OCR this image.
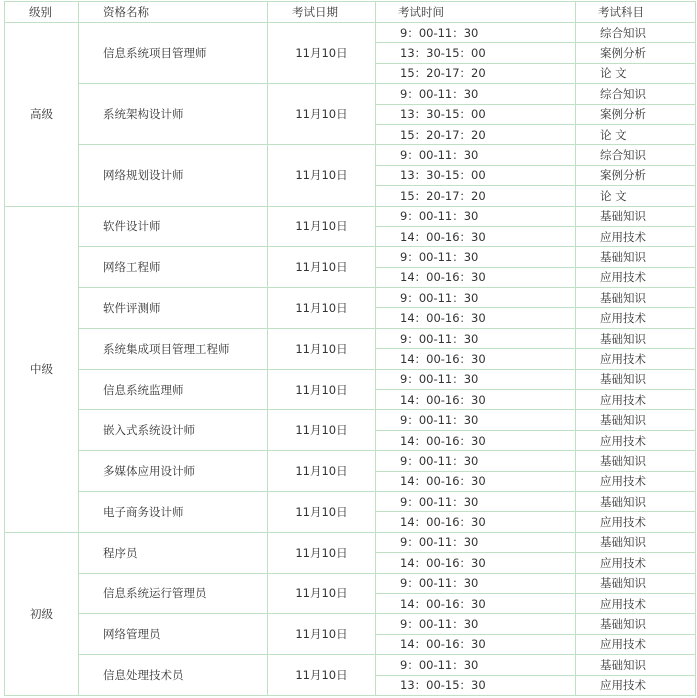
级别	资格名称	考试日期	考试时间	考试科目
高级	信息系统项目管理师	11月10日	9：00-11：30	综合知识
			13：30-15：00	案例分析
			15：20-17：20	论 文
	系统架构设计师	11月10日	9：00-11：30	综合知识
			13：30-15：00	案例分析
			15：20-17：20	论 文
	网络规划设计师	11月10日	9：00-11：30	综合知识
			13：30-15：00	案例分析
			15：20-17：20	论 文
中级	软件设计师	11月10日	9：00-11：30	基础知识
			14：00-16：30	应用技术
	网络工程师	11月10日	9：00-11：30	基础知识
			14：00-16：30	应用技术
	软件评测师	11月10日	9：00-11：30	基础知识
			14：00-16：30	应用技术
	系统集成项目管理工程师	11月10日	9：00-11：30	基础知识
			14：00-16：30	应用技术
	信息系统监理师	11月10日	9：00-11：30	基础知识
			14：00-16：30	应用技术
	嵌入式系统设计师	11月10日	9：00-11：30	基础知识
			14：00-16：30	应用技术
	多媒体应用设计师	11月10日	9：00-11：30	基础知识
			14：00-16：30	应用技术
	电子商务设计师	11月10日	9：00-11：30	基础知识
			14：00-16：30	应用技术
初级	程序员	11月10日	9：00-11：30	基础知识
			14：00-16：30	应用技术
	信息系统运行管理员	11月10日	9：00-11：30	基础知识
			14：00-16：30	应用技术
	网络管理员	11月10日	9：00-11：30	基础知识
			14：00-16：30	应用技术
	信息处理技术员	11月10日	9：00-11：30	基础知识
			13：00-15：30	应用技术
